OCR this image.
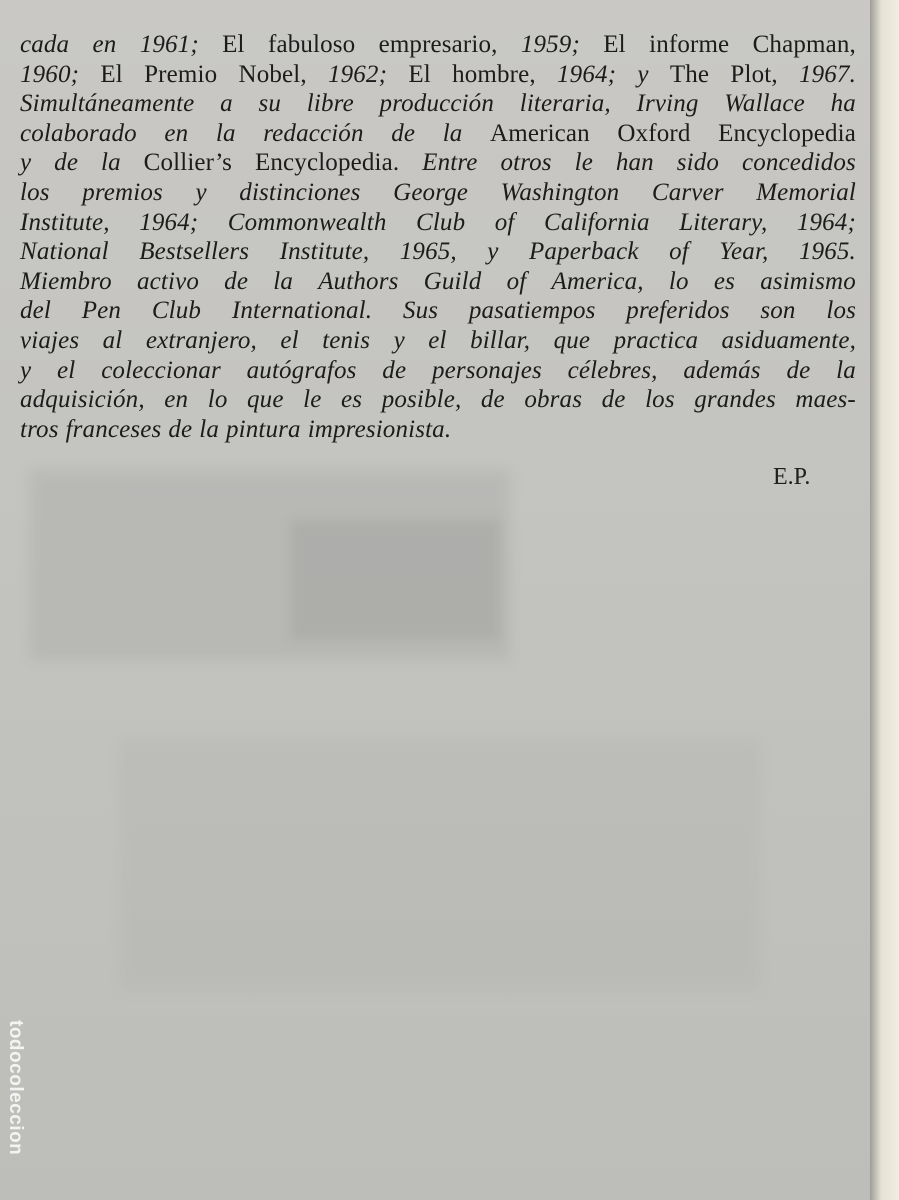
cada en 1961; El fabuloso empresario, 1959; El informe Chapman,
1960; El Premio Nobel, 1962; El hombre, 1964; y The Plot, 1967.
Simultáneamente a su libre producción literaria, Irving Wallace ha
colaborado en la redacción de la American Oxford Encyclopedia
y de la Collier’s Encyclopedia. Entre otros le han sido concedidos
los premios y distinciones George Washington Carver Memorial
Institute, 1964; Commonwealth Club of California Literary, 1964;
National Bestsellers Institute, 1965, y Paperback of Year, 1965.
Miembro activo de la Authors Guild of America, lo es asimismo
del Pen Club International. Sus pasatiempos preferidos son los
viajes al extranjero, el tenis y el billar, que practica asiduamente,
y el coleccionar autógrafos de personajes célebres, además de la
adquisición, en lo que le es posible, de obras de los grandes maes-
tros franceses de la pintura impresionista.
E.P.
todocoleccion
